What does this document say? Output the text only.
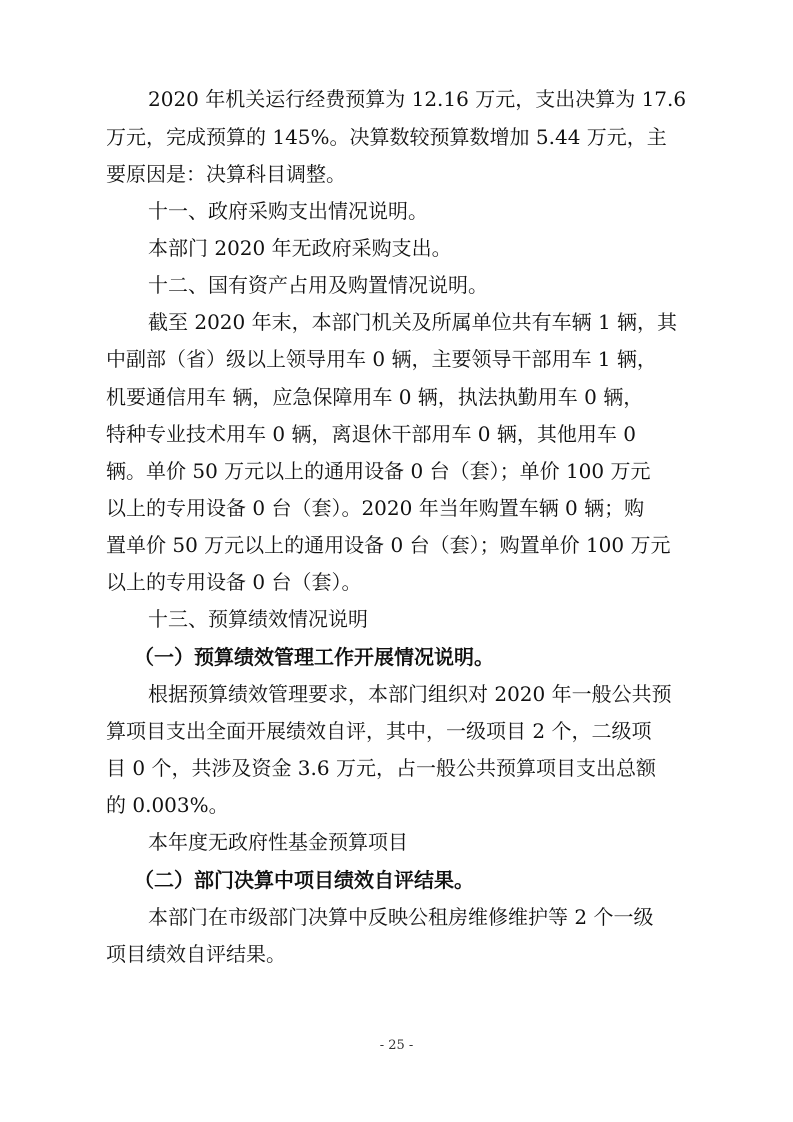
2020 年机关运行经费预算为 12.16 万元，支出决算为 17.6
万元，完成预算的 145%。决算数较预算数增加 5.44 万元，主
要原因是：决算科目调整。
十一、政府采购支出情况说明。
本部门 2020 年无政府采购支出。
十二、国有资产占用及购置情况说明。
截至 2020 年末，本部门机关及所属单位共有车辆 1 辆，其
中副部（省）级以上领导用车 0 辆，主要领导干部用车 1 辆，
机要通信用车 辆，应急保障用车 0 辆，执法执勤用车 0 辆，
特种专业技术用车 0 辆，离退休干部用车 0 辆，其他用车 0
辆。单价 50 万元以上的通用设备 0 台（套）；单价 100 万元
以上的专用设备 0 台（套）。2020 年当年购置车辆 0 辆；购
置单价 50 万元以上的通用设备 0 台（套）；购置单价 100 万元
以上的专用设备 0 台（套）。
十三、预算绩效情况说明
（一）预算绩效管理工作开展情况说明。
根据预算绩效管理要求，本部门组织对 2020 年一般公共预
算项目支出全面开展绩效自评，其中，一级项目 2 个，二级项
目 0 个，共涉及资金 3.6 万元，占一般公共预算项目支出总额
的 0.003%。
本年度无政府性基金预算项目
（二）部门决算中项目绩效自评结果。
本部门在市级部门决算中反映公租房维修维护等 2 个一级
项目绩效自评结果。
- 25 -
